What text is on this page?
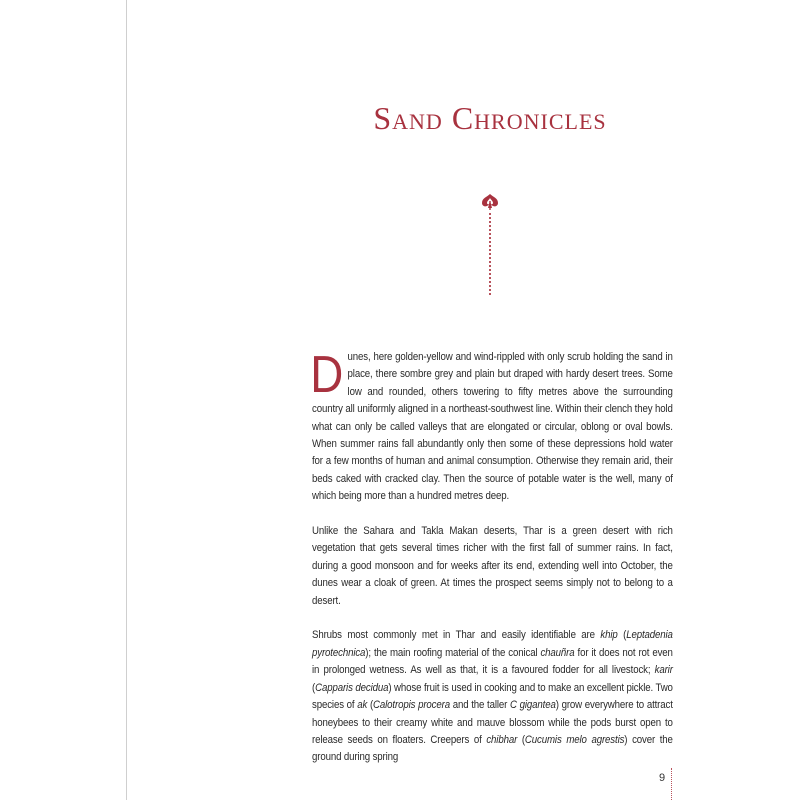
Sand Chronicles

Dunes, here golden-yellow and wind-rippled with only scrub holding the sand in place, there sombre grey and plain but draped with hardy desert trees. Some low and rounded, others towering to fifty metres above the surrounding country all uniformly aligned in a northeast-southwest line. Within their clench they hold what can only be called valleys that are elongated or circular, oblong or oval bowls. When summer rains fall abundantly only then some of these depressions hold water for a few months of human and animal consumption. Otherwise they remain arid, their beds caked with cracked clay. Then the source of potable water is the well, many of which being more than a hundred metres deep.

Unlike the Sahara and Takla Makan deserts, Thar is a green desert with rich vegetation that gets several times richer with the first fall of summer rains. In fact, during a good monsoon and for weeks after its end, extending well into October, the dunes wear a cloak of green. At times the prospect seems simply not to belong to a desert.

Shrubs most commonly met in Thar and easily identifiable are khip (Leptadenia pyrotechnica); the main roofing material of the conical chauñra for it does not rot even in prolonged wetness. As well as that, it is a favoured fodder for all livestock; karir (Capparis decidua) whose fruit is used in cooking and to make an excellent pickle. Two species of ak (Calotropis procera and the taller C gigantea) grow everywhere to attract honeybees to their creamy white and mauve blossom while the pods burst open to release seeds on floaters. Creepers of chibhar (Cucumis melo agrestis) cover the ground during spring

9
